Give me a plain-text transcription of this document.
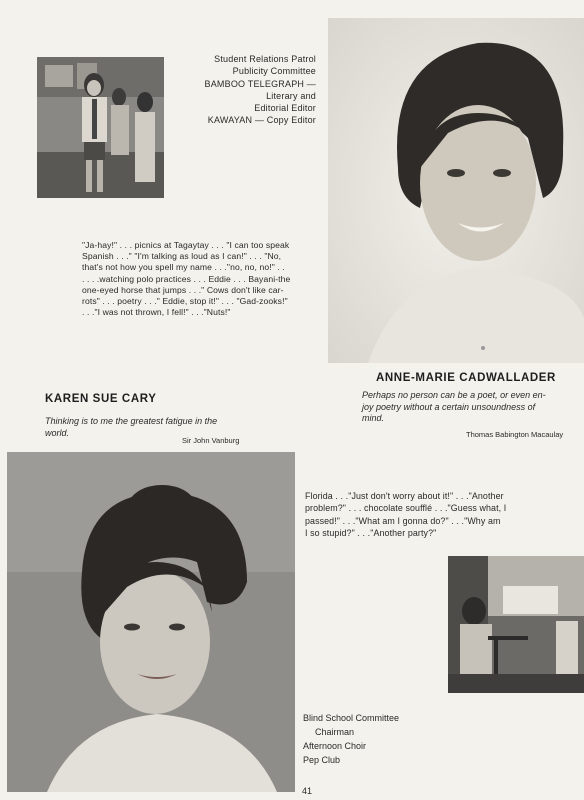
Student Relations Patrol
Publicity Committee
BAMBOO TELEGRAPH —
Literary and
Editorial Editor
KAWAYAN — Copy Editor
"Ja-hay!" . . . picnics at Tagaytay . . . "I can too speak
Spanish . . ." "I'm talking as loud as I can!" . . . "No,
that's not how you spell my name . . ."no, no, no!" . .
. . . .watching polo practices . . . Eddie . . . Bayani-the
one-eyed horse that jumps . . ." Cows don't like car-
rots" . . . poetry . . ." Eddie, stop it!" . . . "Gad-zooks!"
. . ."I was not thrown, I fell!" . . ."Nuts!"
ANNE-MARIE CADWALLADER
Perhaps no person can be a poet, or even en-
joy poetry without a certain unsoundness of
mind.
Thomas Babington Macaulay
KAREN SUE CARY
Thinking is to me the greatest fatigue in the
world.
Sir John Vanburg
Florida . . ."Just don't worry about it!" . . ."Another
problem?" . . . chocolate soufflé . . ."Guess what, I
passed!" . . ."What am I gonna do?" . . ."Why am
I so stupid?" . . ."Another party?"
Blind School Committee
Chairman
Afternoon Choir
Pep Club
41
